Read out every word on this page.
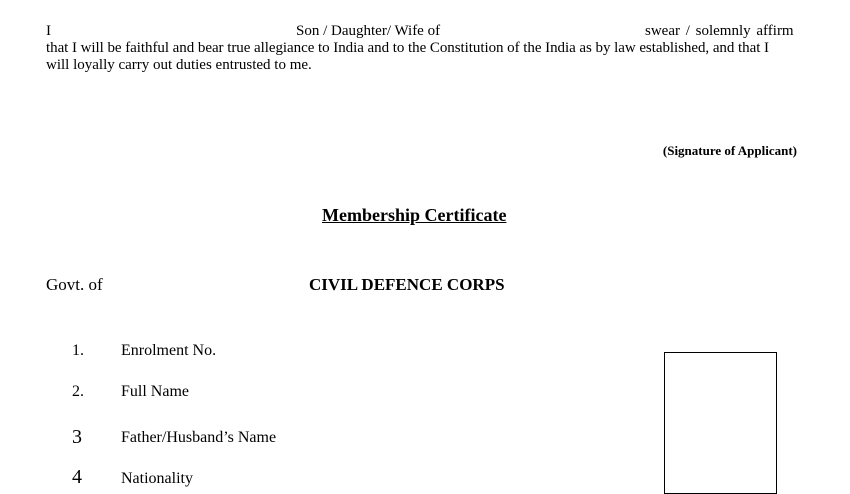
I	Son / Daughter/ Wife of	swear / solemnly affirm
that I will be faithful and bear true allegiance to India and to the Constitution of the India as by law established, and that I
will loyally carry out duties entrusted to me.
(Signature of Applicant)
Membership Certificate
Govt. of	CIVIL DEFENCE CORPS
1. Enrolment No.
2. Full Name
3 Father/Husband’s Name
4 Nationality
